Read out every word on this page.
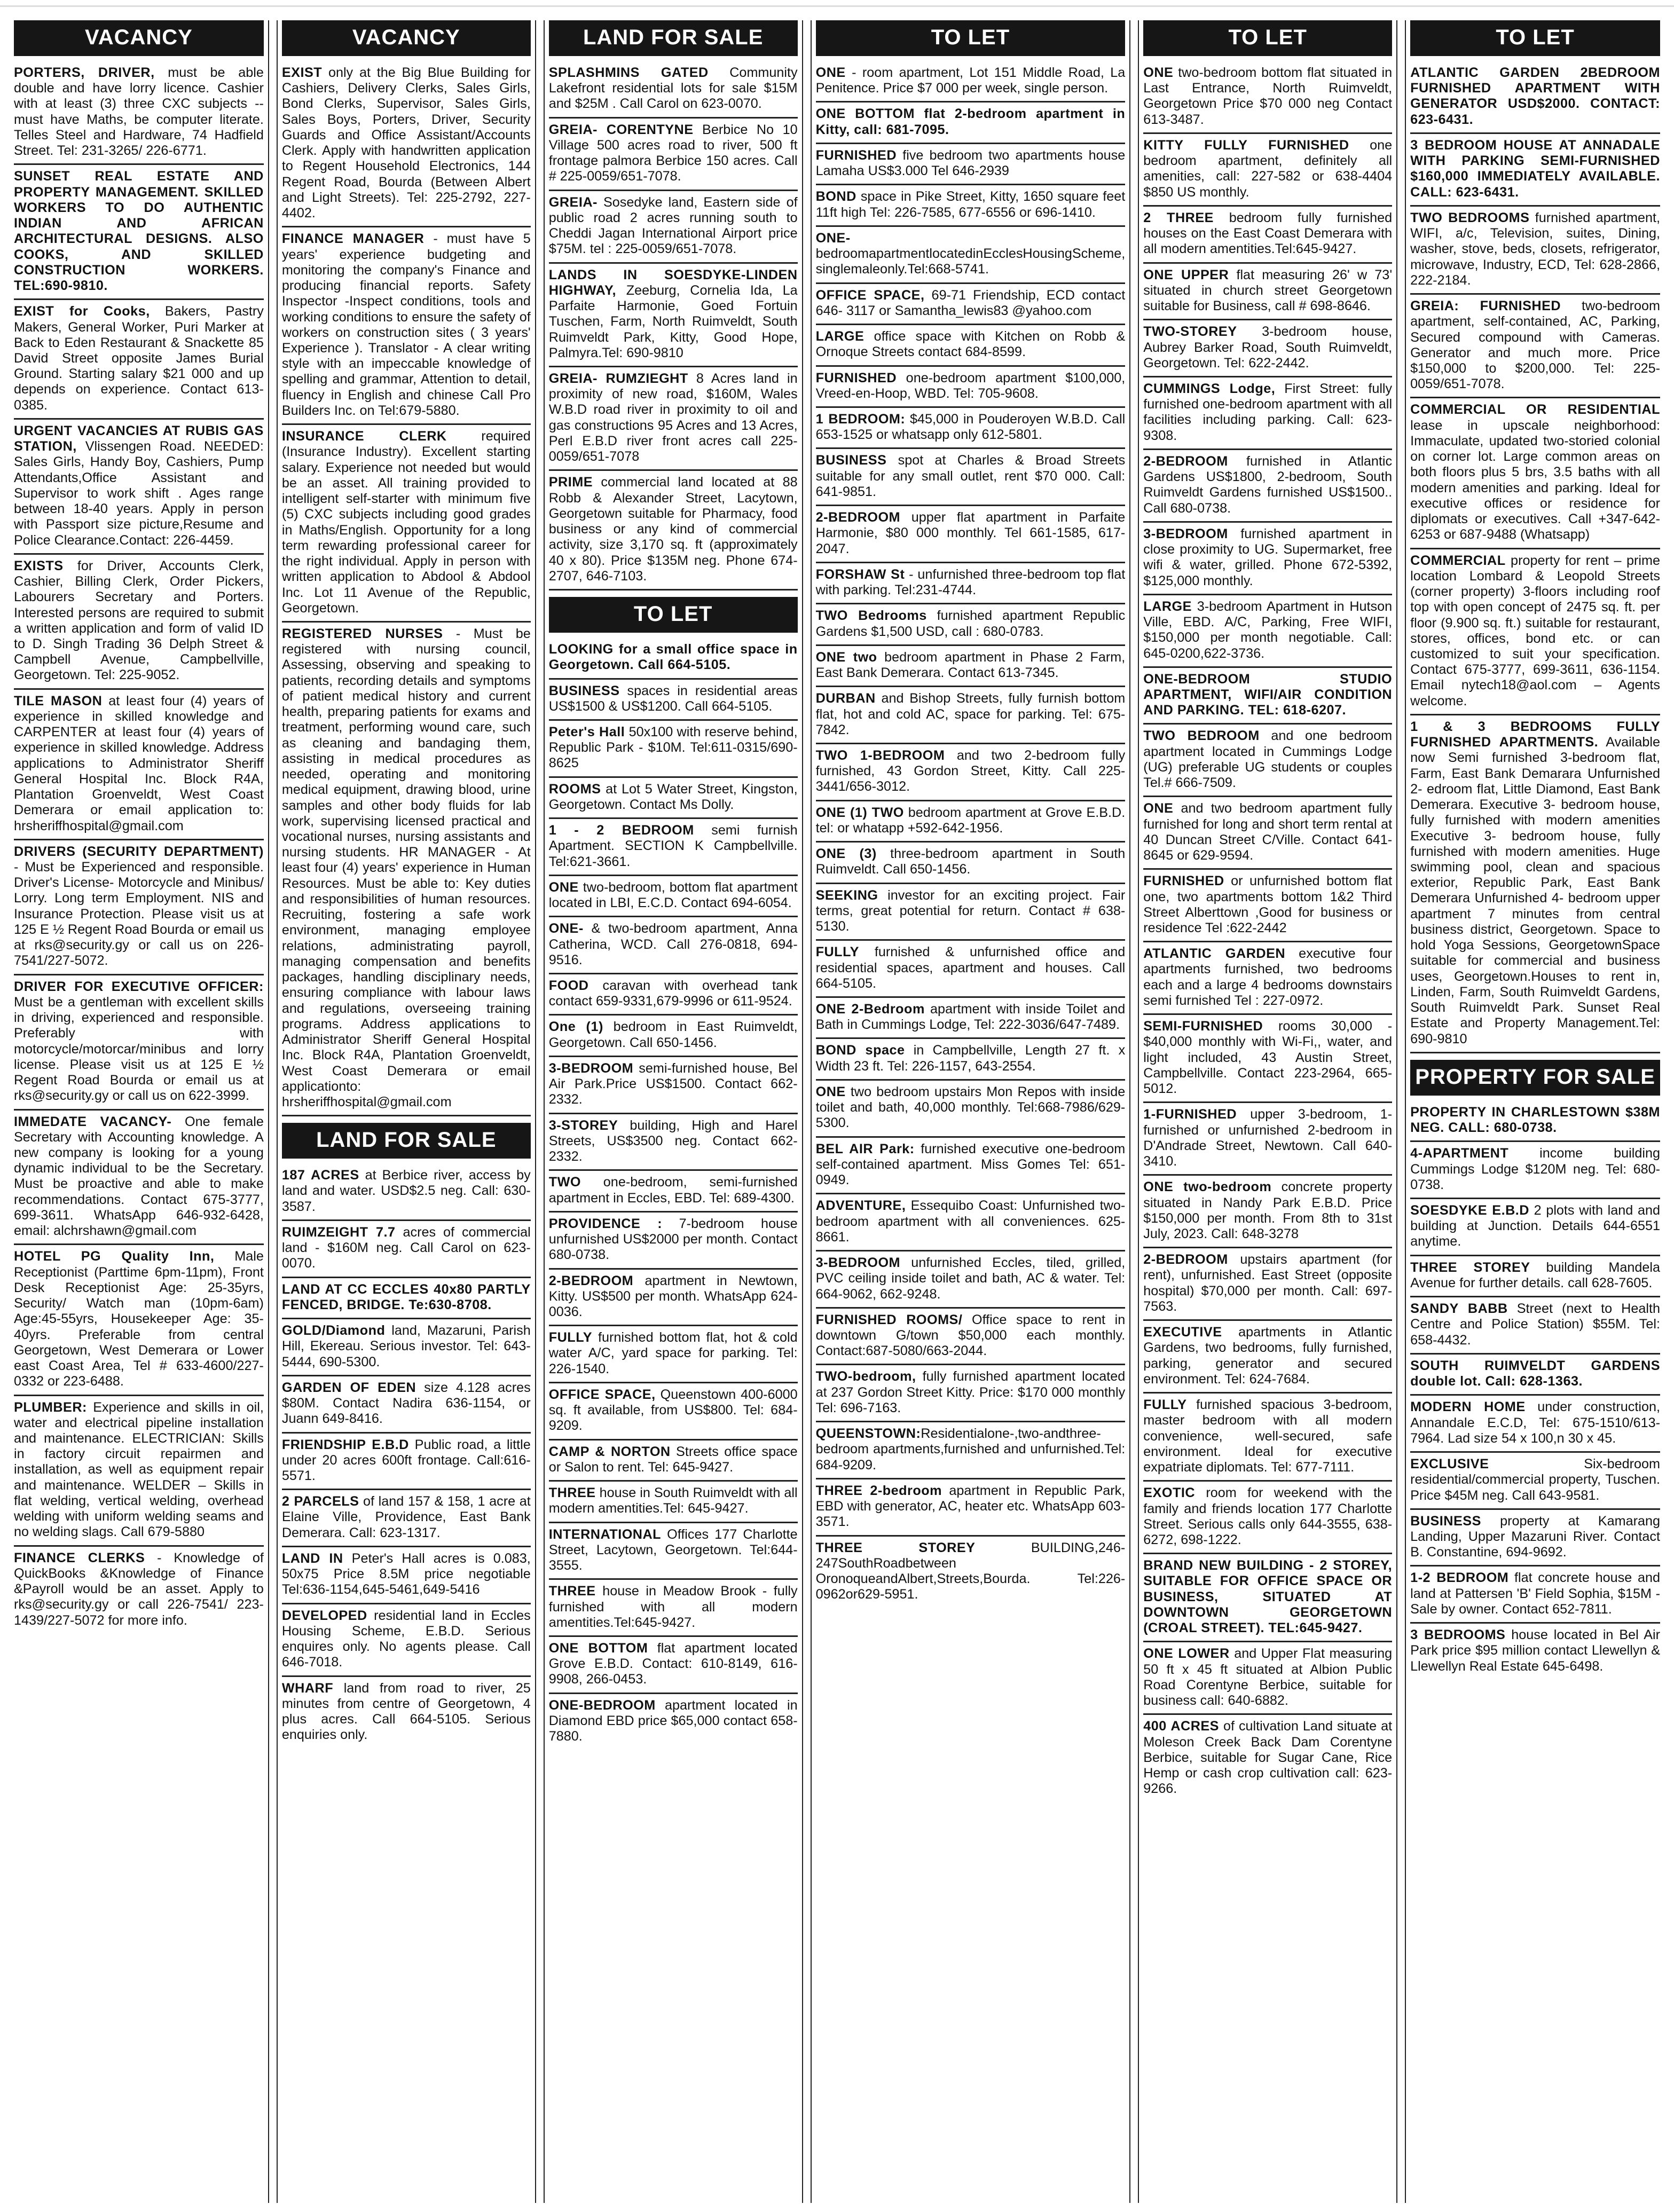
VACANCY
PORTERS, DRIVER, must be able double and have lorry licence. Cashier with at least (3) three CXC subjects -- must have Maths, be computer literate. Telles Steel and Hardware, 74 Hadfield Street. Tel: 231-3265/ 226-6771.
SUNSET REAL ESTATE AND PROPERTY MANAGEMENT. SKILLED WORKERS TO DO AUTHENTIC INDIAN AND AFRICAN ARCHITECTURAL DESIGNS. ALSO COOKS, AND SKILLED CONSTRUCTION WORKERS. TEL:690-9810.
EXIST for Cooks, Bakers, Pastry Makers, General Worker, Puri Marker at Back to Eden Restaurant & Snackette 85 David Street opposite James Burial Ground. Starting salary $21 000 and up depends on experience. Contact 613-0385.
URGENT VACANCIES AT RUBIS GAS STATION, Vlissengen Road. NEEDED: Sales Girls, Handy Boy, Cashiers, Pump Attendants,Office Assistant and Supervisor to work shift . Ages range between 18-40 years. Apply in person with Passport size picture,Resume and Police Clearance.Contact: 226-4459.
EXISTS for Driver, Accounts Clerk, Cashier, Billing Clerk, Order Pickers, Labourers Secretary and Porters. Interested persons are required to submit a written application and form of valid ID to D. Singh Trading 36 Delph Street & Campbell Avenue, Campbellville, Georgetown. Tel: 225-9052.
TILE MASON at least four (4) years of experience in skilled knowledge and CARPENTER at least four (4) years of experience in skilled knowledge. Address applications to Administrator Sheriff General Hospital Inc. Block R4A, Plantation Groenveldt, West Coast Demerara or email application to: hrsheriffhospital@gmail.com
DRIVERS (SECURITY DEPARTMENT) - Must be Experienced and responsible. Driver's License- Motorcycle and Minibus/ Lorry. Long term Employment. NIS and Insurance Protection. Please visit us at 125 E ½ Regent Road Bourda or email us at rks@security.gy or call us on 226-7541/227-5072.
DRIVER FOR EXECUTIVE OFFICER: Must be a gentleman with excellent skills in driving, experienced and responsible. Preferably with motorcycle/motorcar/minibus and lorry license. Please visit us at 125 E ½ Regent Road Bourda or email us at rks@security.gy or call us on 622-3999.
IMMEDATE VACANCY- One female Secretary with Accounting knowledge. A new company is looking for a young dynamic individual to be the Secretary. Must be proactive and able to make recommendations. Contact 675-3777, 699-3611. WhatsApp 646-932-6428, email: alchrshawn@gmail.com
HOTEL PG Quality Inn, Male Receptionist (Parttime 6pm-11pm), Front Desk Receptionist Age: 25-35yrs, Security/ Watch man (10pm-6am) Age:45-55yrs, Housekeeper Age: 35-40yrs. Preferable from central Georgetown, West Demerara or Lower east Coast Area, Tel # 633-4600/227-0332 or 223-6488.
PLUMBER: Experience and skills in oil, water and electrical pipeline installation and maintenance. ELECTRICIAN: Skills in factory circuit repairmen and installation, as well as equipment repair and maintenance. WELDER – Skills in flat welding, vertical welding, overhead welding with uniform welding seams and no welding slags. Call 679-5880
FINANCE CLERKS - Knowledge of QuickBooks &Knowledge of Finance &Payroll would be an asset. Apply to rks@security.gy or call 226-7541/ 223-1439/227-5072 for more info.
VACANCY
EXIST only at the Big Blue Building for Cashiers, Delivery Clerks, Sales Girls, Bond Clerks, Supervisor, Sales Girls, Sales Boys, Porters, Driver, Security Guards and Office Assistant/Accounts Clerk. Apply with handwritten application to Regent Household Electronics, 144 Regent Road, Bourda (Between Albert and Light Streets). Tel: 225-2792, 227-4402.
FINANCE MANAGER - must have 5 years' experience budgeting and monitoring the company's Finance and producing financial reports. Safety Inspector -Inspect conditions, tools and working conditions to ensure the safety of workers on construction sites ( 3 years' Experience ). Translator - A clear writing style with an impeccable knowledge of spelling and grammar, Attention to detail, fluency in English and chinese Call Pro Builders Inc. on Tel:679-5880.
INSURANCE CLERK required (Insurance Industry). Excellent starting salary. Experience not needed but would be an asset. All training provided to intelligent self-starter with minimum five (5) CXC subjects including good grades in Maths/English. Opportunity for a long term rewarding professional career for the right individual. Apply in person with written application to Abdool & Abdool Inc. Lot 11 Avenue of the Republic, Georgetown.
REGISTERED NURSES - Must be registered with nursing council, Assessing, observing and speaking to patients, recording details and symptoms of patient medical history and current health, preparing patients for exams and treatment, performing wound care, such as cleaning and bandaging them, assisting in medical procedures as needed, operating and monitoring medical equipment, drawing blood, urine samples and other body fluids for lab work, supervising licensed practical and vocational nurses, nursing assistants and nursing students. HR MANAGER - At least four (4) years' experience in Human Resources. Must be able to: Key duties and responsibilities of human resources. Recruiting, fostering a safe work environment, managing employee relations, administrating payroll, managing compensation and benefits packages, handling disciplinary needs, ensuring compliance with labour laws and regulations, overseeing training programs. Address applications to Administrator Sheriff General Hospital Inc. Block R4A, Plantation Groenveldt, West Coast Demerara or email applicationto: hrsheriffhospital@gmail.com
LAND FOR SALE
187 ACRES at Berbice river, access by land and water. USD$2.5 neg. Call: 630-3587.
RUIMZEIGHT 7.7 acres of commercial land - $160M neg. Call Carol on 623-0070.
LAND AT CC ECCLES 40x80 PARTLY FENCED, BRIDGE. Te:630-8708.
GOLD/Diamond land, Mazaruni, Parish Hill, Ekereau. Serious investor. Tel: 643-5444, 690-5300.
GARDEN OF EDEN size 4.128 acres $80M. Contact Nadira 636-1154, or Juann 649-8416.
FRIENDSHIP E.B.D Public road, a little under 20 acres 600ft frontage. Call:616-5571.
2 PARCELS of land 157 & 158, 1 acre at Elaine Ville, Providence, East Bank Demerara. Call: 623-1317.
LAND IN Peter's Hall acres is 0.083, 50x75 Price 8.5M price negotiable Tel:636-1154,645-5461,649-5416
DEVELOPED residential land in Eccles Housing Scheme, E.B.D. Serious enquires only. No agents please. Call 646-7018.
WHARF land from road to river, 25 minutes from centre of Georgetown, 4 plus acres. Call 664-5105. Serious enquiries only.
LAND FOR SALE
SPLASHMINS GATED Community Lakefront residential lots for sale $15M and $25M . Call Carol on 623-0070.
GREIA- CORENTYNE Berbice No 10 Village 500 acres road to river, 500 ft frontage palmora Berbice 150 acres. Call # 225-0059/651-7078.
GREIA- Sosedyke land, Eastern side of public road 2 acres running south to Cheddi Jagan International Airport price $75M. tel : 225-0059/651-7078.
LANDS IN SOESDYKE-LINDEN HIGHWAY, Zeeburg, Cornelia Ida, La Parfaite Harmonie, Goed Fortuin Tuschen, Farm, North Ruimveldt, South Ruimveldt Park, Kitty, Good Hope, Palmyra.Tel: 690-9810
GREIA- RUMZIEGHT 8 Acres land in proximity of new road, $160M, Wales W.B.D road river in proximity to oil and gas constructions 95 Acres and 13 Acres, Perl E.B.D river front acres call 225-0059/651-7078
PRIME commercial land located at 88 Robb & Alexander Street, Lacytown, Georgetown suitable for Pharmacy, food business or any kind of commercial activity, size 3,170 sq. ft (approximately 40 x 80). Price $135M neg. Phone 674-2707, 646-7103.
TO LET
LOOKING for a small office space in Georgetown. Call 664-5105.
BUSINESS spaces in residential areas US$1500 & US$1200. Call 664-5105.
Peter's Hall 50x100 with reserve behind, Republic Park - $10M. Tel:611-0315/690-8625
ROOMS at Lot 5 Water Street, Kingston, Georgetown. Contact Ms Dolly.
1 - 2 BEDROOM semi furnish Apartment. SECTION K Campbellville. Tel:621-3661.
ONE two-bedroom, bottom flat apartment located in LBI, E.C.D. Contact 694-6054.
ONE- & two-bedroom apartment, Anna Catherina, WCD. Call 276-0818, 694-9516.
FOOD caravan with overhead tank contact 659-9331,679-9996 or 611-9524.
One (1) bedroom in East Ruimveldt, Georgetown. Call 650-1456.
3-BEDROOM semi-furnished house, Bel Air Park.Price US$1500. Contact 662-2332.
3-STOREY building, High and Harel Streets, US$3500 neg. Contact 662-2332.
TWO one-bedroom, semi-furnished apartment in Eccles, EBD. Tel: 689-4300.
PROVIDENCE : 7-bedroom house unfurnished US$2000 per month. Contact 680-0738.
2-BEDROOM apartment in Newtown, Kitty. US$500 per month. WhatsApp 624-0036.
FULLY furnished bottom flat, hot & cold water A/C, yard space for parking. Tel: 226-1540.
OFFICE SPACE, Queenstown 400-6000 sq. ft available, from US$800. Tel: 684-9209.
CAMP & NORTON Streets office space or Salon to rent. Tel: 645-9427.
THREE house in South Ruimveldt with all modern amentities.Tel: 645-9427.
INTERNATIONAL Offices 177 Charlotte Street, Lacytown, Georgetown. Tel:644-3555.
THREE house in Meadow Brook - fully furnished with all modern amentities.Tel:645-9427.
ONE BOTTOM flat apartment located Grove E.B.D. Contact: 610-8149, 616-9908, 266-0453.
ONE-BEDROOM apartment located in Diamond EBD price $65,000 contact 658-7880.
TO LET
ONE - room apartment, Lot 151 Middle Road, La Penitence. Price $7 000 per week, single person.
ONE BOTTOM flat 2-bedroom apartment in Kitty, call: 681-7095.
FURNISHED five bedroom two apartments house Lamaha US$3.000 Tel 646-2939
BOND space in Pike Street, Kitty, 1650 square feet 11ft high Tel: 226-7585, 677-6556 or 696-1410.
ONE-bedroomapartmentlocatedinEcclesHousingScheme, singlemaleonly.Tel:668-5741.
OFFICE SPACE, 69-71 Friendship, ECD contact 646- 3117 or Samantha_lewis83 @yahoo.com
LARGE office space with Kitchen on Robb & Ornoque Streets contact 684-8599.
FURNISHED one-bedroom apartment $100,000, Vreed-en-Hoop, WBD. Tel: 705-9608.
1 BEDROOM: $45,000 in Pouderoyen W.B.D. Call 653-1525 or whatsapp only 612-5801.
BUSINESS spot at Charles & Broad Streets suitable for any small outlet, rent $70 000. Call: 641-9851.
2-BEDROOM upper flat apartment in Parfaite Harmonie, $80 000 monthly. Tel 661-1585, 617-2047.
FORSHAW St - unfurnished three-bedroom top flat with parking. Tel:231-4744.
TWO Bedrooms furnished apartment Republic Gardens $1,500 USD, call : 680-0783.
ONE two bedroom apartment in Phase 2 Farm, East Bank Demerara. Contact 613-7345.
DURBAN and Bishop Streets, fully furnish bottom flat, hot and cold AC, space for parking. Tel: 675-7842.
TWO 1-BEDROOM and two 2-bedroom fully furnished, 43 Gordon Street, Kitty. Call 225- 3441/656-3012.
ONE (1) TWO bedroom apartment at Grove E.B.D. tel: or whatapp +592-642-1956.
ONE (3) three-bedroom apartment in South Ruimveldt. Call 650-1456.
SEEKING investor for an exciting project. Fair terms, great potential for return. Contact # 638-5130.
FULLY furnished & unfurnished office and residential spaces, apartment and houses. Call 664-5105.
ONE 2-Bedroom apartment with inside Toilet and Bath in Cummings Lodge, Tel: 222-3036/647-7489.
BOND space in Campbellville, Length 27 ft. x Width 23 ft. Tel: 226-1157, 643-2554.
ONE two bedroom upstairs Mon Repos with inside toilet and bath, 40,000 monthly. Tel:668-7986/629-5300.
BEL AIR Park: furnished executive one-bedroom self-contained apartment. Miss Gomes Tel: 651-0949.
ADVENTURE, Essequibo Coast: Unfurnished two-bedroom apartment with all conveniences. 625-8661.
3-BEDROOM unfurnished Eccles, tiled, grilled, PVC ceiling inside toilet and bath, AC & water. Tel: 664-9062, 662-9248.
FURNISHED ROOMS/ Office space to rent in downtown G/town $50,000 each monthly. Contact:687-5080/663-2044.
TWO-bedroom, fully furnished apartment located at 237 Gordon Street Kitty. Price: $170 000 monthly Tel: 696-7163.
QUEENSTOWN:Residentialone-,two-andthree-bedroom apartments,furnished and unfurnished.Tel: 684-9209.
THREE 2-bedroom apartment in Republic Park, EBD with generator, AC, heater etc. WhatsApp 603-3571.
THREE STOREY BUILDING,246-247SouthRoadbetween OronoqueandAlbert,Streets,Bourda. Tel:226-0962or629-5951.
TO LET
ONE two-bedroom bottom flat situated in Last Entrance, North Ruimveldt, Georgetown Price $70 000 neg Contact 613-3487.
KITTY FULLY FURNISHED one bedroom apartment, definitely all amenities, call: 227-582 or 638-4404 $850 US monthly.
2 THREE bedroom fully furnished houses on the East Coast Demerara with all modern amentities.Tel:645-9427.
ONE UPPER flat measuring 26' w 73' situated in church street Georgetown suitable for Business, call # 698-8646.
TWO-STOREY 3-bedroom house, Aubrey Barker Road, South Ruimveldt, Georgetown. Tel: 622-2442.
CUMMINGS Lodge, First Street: fully furnished one-bedroom apartment with all facilities including parking. Call: 623-9308.
2-BEDROOM furnished in Atlantic Gardens US$1800, 2-bedroom, South Ruimveldt Gardens furnished US$1500.. Call 680-0738.
3-BEDROOM furnished apartment in close proximity to UG. Supermarket, free wifi & water, grilled. Phone 672-5392, $125,000 monthly.
LARGE 3-bedroom Apartment in Hutson Ville, EBD. A/C, Parking, Free WIFI, $150,000 per month negotiable. Call: 645-0200,622-3736.
ONE-BEDROOM STUDIO APARTMENT, WIFI/AIR CONDITION AND PARKING. TEL: 618-6207.
TWO BEDROOM and one bedroom apartment located in Cummings Lodge (UG) preferable UG students or couples Tel.# 666-7509.
ONE and two bedroom apartment fully furnished for long and short term rental at 40 Duncan Street C/Ville. Contact 641-8645 or 629-9594.
FURNISHED or unfurnished bottom flat one, two apartments bottom 1&2 Third Street Alberttown ,Good for business or residence Tel :622-2442
ATLANTIC GARDEN executive four apartments furnished, two bedrooms each and a large 4 bedrooms downstairs semi furnished Tel : 227-0972.
SEMI-FURNISHED rooms 30,000 - $40,000 monthly with Wi-Fi,, water, and light included, 43 Austin Street, Campbellville. Contact 223-2964, 665-5012.
1-FURNISHED upper 3-bedroom, 1-furnished or unfurnished 2-bedroom in D'Andrade Street, Newtown. Call 640-3410.
ONE two-bedroom concrete property situated in Nandy Park E.B.D. Price $150,000 per month. From 8th to 31st July, 2023. Call: 648-3278
2-BEDROOM upstairs apartment (for rent), unfurnished. East Street (opposite hospital) $70,000 per month. Call: 697-7563.
EXECUTIVE apartments in Atlantic Gardens, two bedrooms, fully furnished, parking, generator and secured environment. Tel: 624-7684.
FULLY furnished spacious 3-bedroom, master bedroom with all modern convenience, well-secured, safe environment. Ideal for executive expatriate diplomats. Tel: 677-7111.
EXOTIC room for weekend with the family and friends location 177 Charlotte Street. Serious calls only 644-3555, 638-6272, 698-1222.
BRAND NEW BUILDING - 2 STOREY, SUITABLE FOR OFFICE SPACE OR BUSINESS, SITUATED AT DOWNTOWN GEORGETOWN (CROAL STREET). TEL:645-9427.
ONE LOWER and Upper Flat measuring 50 ft x 45 ft situated at Albion Public Road Corentyne Berbice, suitable for business call: 640-6882.
400 ACRES of cultivation Land situate at Moleson Creek Back Dam Corentyne Berbice, suitable for Sugar Cane, Rice Hemp or cash crop cultivation call: 623-9266.
TO LET
ATLANTIC GARDEN 2BEDROOM FURNISHED APARTMENT WITH GENERATOR USD$2000. CONTACT: 623-6431.
3 BEDROOM HOUSE AT ANNADALE WITH PARKING SEMI-FURNISHED $160,000 IMMEDIATELY AVAILABLE. CALL: 623-6431.
TWO BEDROOMS furnished apartment, WIFI, a/c, Television, suites, Dining, washer, stove, beds, closets, refrigerator, microwave, Industry, ECD, Tel: 628-2866, 222-2184.
GREIA: FURNISHED two-bedroom apartment, self-contained, AC, Parking, Secured compound with Cameras. Generator and much more. Price $150,000 to $200,000. Tel: 225-0059/651-7078.
COMMERCIAL OR RESIDENTIAL lease in upscale neighborhood: Immaculate, updated two-storied colonial on corner lot. Large common areas on both floors plus 5 brs, 3.5 baths with all modern amenities and parking. Ideal for executive offices or residence for diplomats or executives. Call +347-642-6253 or 687-9488 (Whatsapp)
COMMERCIAL property for rent – prime location Lombard & Leopold Streets (corner property) 3-floors including roof top with open concept of 2475 sq. ft. per floor (9.900 sq. ft.) suitable for restaurant, stores, offices, bond etc. or can customized to suit your specification. Contact 675-3777, 699-3611, 636-1154. Email nytech18@aol.com – Agents welcome.
1 & 3 BEDROOMS FULLY FURNISHED APARTMENTS. Available now Semi furnished 3-bedroom flat, Farm, East Bank Demarara Unfurnished 2- edroom flat, Little Diamond, East Bank Demerara. Executive 3- bedroom house, fully furnished with modern amenities Executive 3- bedroom house, fully furnished with modern amenities. Huge swimming pool, clean and spacious exterior, Republic Park, East Bank Demerara Unfurnished 4- bedroom upper apartment 7 minutes from central business district, Georgetown. Space to hold Yoga Sessions, GeorgetownSpace suitable for commercial and business uses, Georgetown.Houses to rent in, Linden, Farm, South Ruimveldt Gardens, South Ruimveldt Park. Sunset Real Estate and Property Management.Tel: 690-9810
PROPERTY FOR SALE
PROPERTY IN CHARLESTOWN $38M NEG. CALL: 680-0738.
4-APARTMENT income building Cummings Lodge $120M neg. Tel: 680-0738.
SOESDYKE E.B.D 2 plots with land and building at Junction. Details 644-6551 anytime.
THREE STOREY building Mandela Avenue for further details. call 628-7605.
SANDY BABB Street (next to Health Centre and Police Station) $55M. Tel: 658-4432.
SOUTH RUIMVELDT GARDENS double lot. Call: 628-1363.
MODERN HOME under construction, Annandale E.C.D, Tel: 675-1510/613-7964. Lad size 54 x 100,n 30 x 45.
EXCLUSIVE Six-bedroom residential/commercial property, Tuschen. Price $45M neg. Call 643-9581.
BUSINESS property at Kamarang Landing, Upper Mazaruni River. Contact B. Constantine, 694-9692.
1-2 BEDROOM flat concrete house and land at Pattersen 'B' Field Sophia, $15M - Sale by owner. Contact 652-7811.
3 BEDROOMS house located in Bel Air Park price $95 million contact Llewellyn & Llewellyn Real Estate 645-6498.
